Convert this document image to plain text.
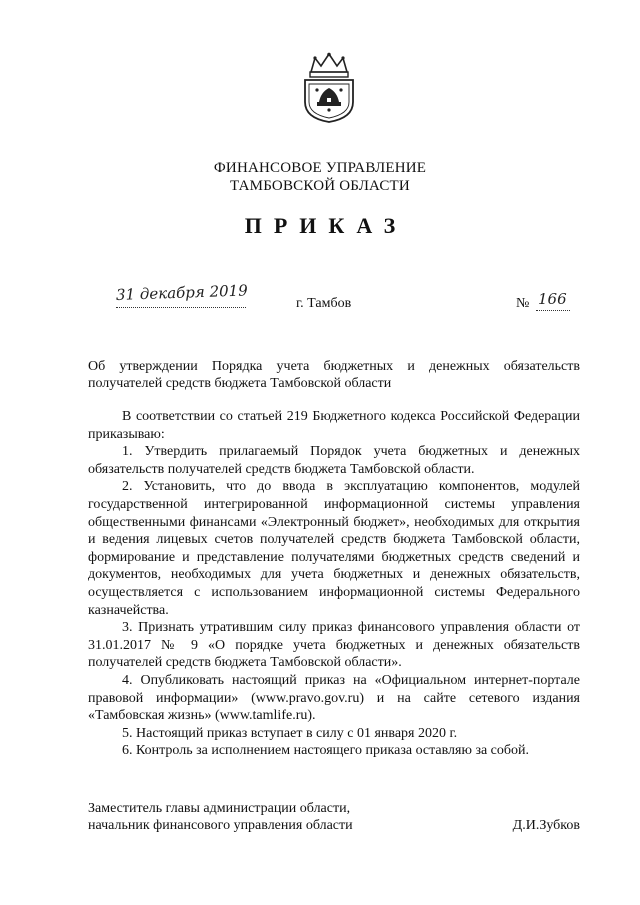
ФИНАНСОВОЕ УПРАВЛЕНИЕ
ТАМБОВСКОЙ ОБЛАСТИ
ПРИКАЗ
31 декабря 2019	г. Тамбов	№ 166
Об утверждении Порядка учета бюджетных и денежных обязательств
получателей средств бюджета Тамбовской области

В соответствии со статьей 219 Бюджетного кодекса Российской Федерации приказываю:

1. Утвердить прилагаемый Порядок учета бюджетных и денежных обязательств получателей средств бюджета Тамбовской области.

2. Установить, что до ввода в эксплуатацию компонентов, модулей государственной интегрированной информационной системы управления общественными финансами «Электронный бюджет», необходимых для открытия и ведения лицевых счетов получателей средств бюджета Тамбовской области, формирование и представление получателями бюджетных средств сведений и документов, необходимых для учета бюджетных и денежных обязательств, осуществляется с использованием информационной системы Федерального казначейства.

3. Признать утратившим силу приказ финансового управления области от 31.01.2017 № 9 «О порядке учета бюджетных и денежных обязательств получателей средств бюджета Тамбовской области».

4. Опубликовать настоящий приказ на «Официальном интернет-портале правовой информации» (www.pravo.gov.ru) и на сайте сетевого издания «Тамбовская жизнь» (www.tamlife.ru).

5. Настоящий приказ вступает в силу с 01 января 2020 г.

6. Контроль за исполнением настоящего приказа оставляю за собой.

Заместитель главы администрации области,
начальник финансового управления области	Д.И.Зубков
